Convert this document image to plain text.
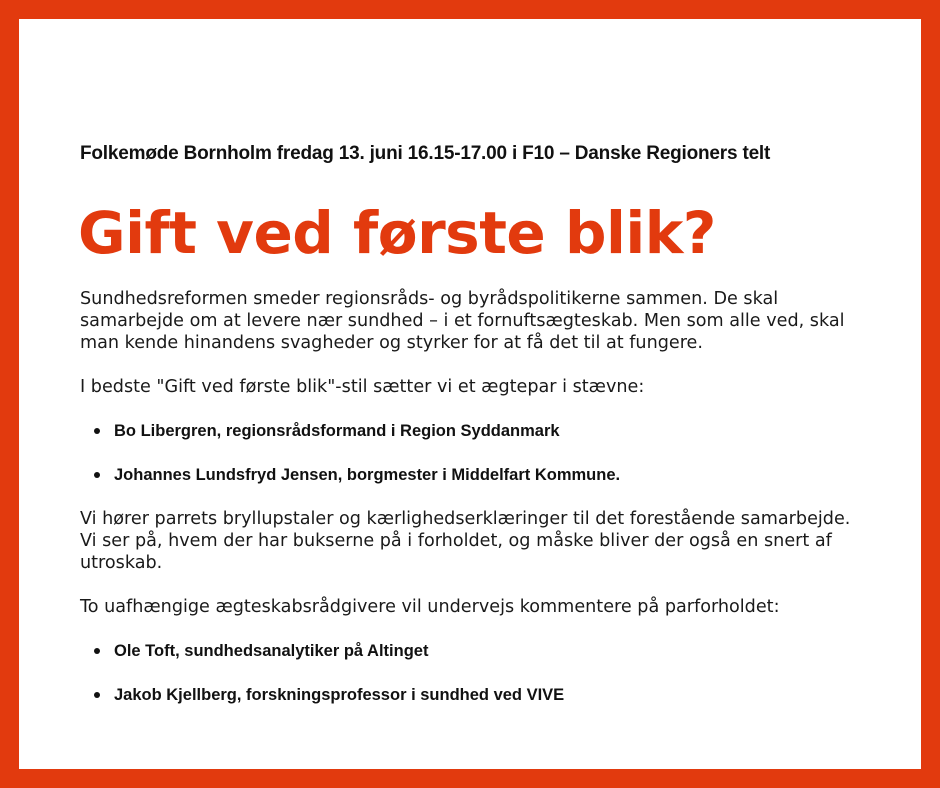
Folkemøde Bornholm fredag 13. juni 16.15-17.00 i F10 – Danske Regioners telt
Gift ved første blik?

Sundhedsreformen smeder regionsråds- og byrådspolitikerne sammen. De skal samarbejde om at levere nær sundhed – i et fornuftsægteskab. Men som alle ved, skal man kende hinandens svagheder og styrker for at få det til at fungere.

I bedste "Gift ved første blik"-stil sætter vi et ægtepar i stævne:

Bo Libergren, regionsrådsformand i Region Syddanmark
Johannes Lundsfryd Jensen, borgmester i Middelfart Kommune.

Vi hører parrets bryllupstaler og kærlighedserklæringer til det forestående samarbejde. Vi ser på, hvem der har bukserne på i forholdet, og måske bliver der også en snert af utroskab.

To uafhængige ægteskabsrådgivere vil undervejs kommentere på parforholdet:

Ole Toft, sundhedsanalytiker på Altinget
Jakob Kjellberg, forskningsprofessor i sundhed ved VIVE
